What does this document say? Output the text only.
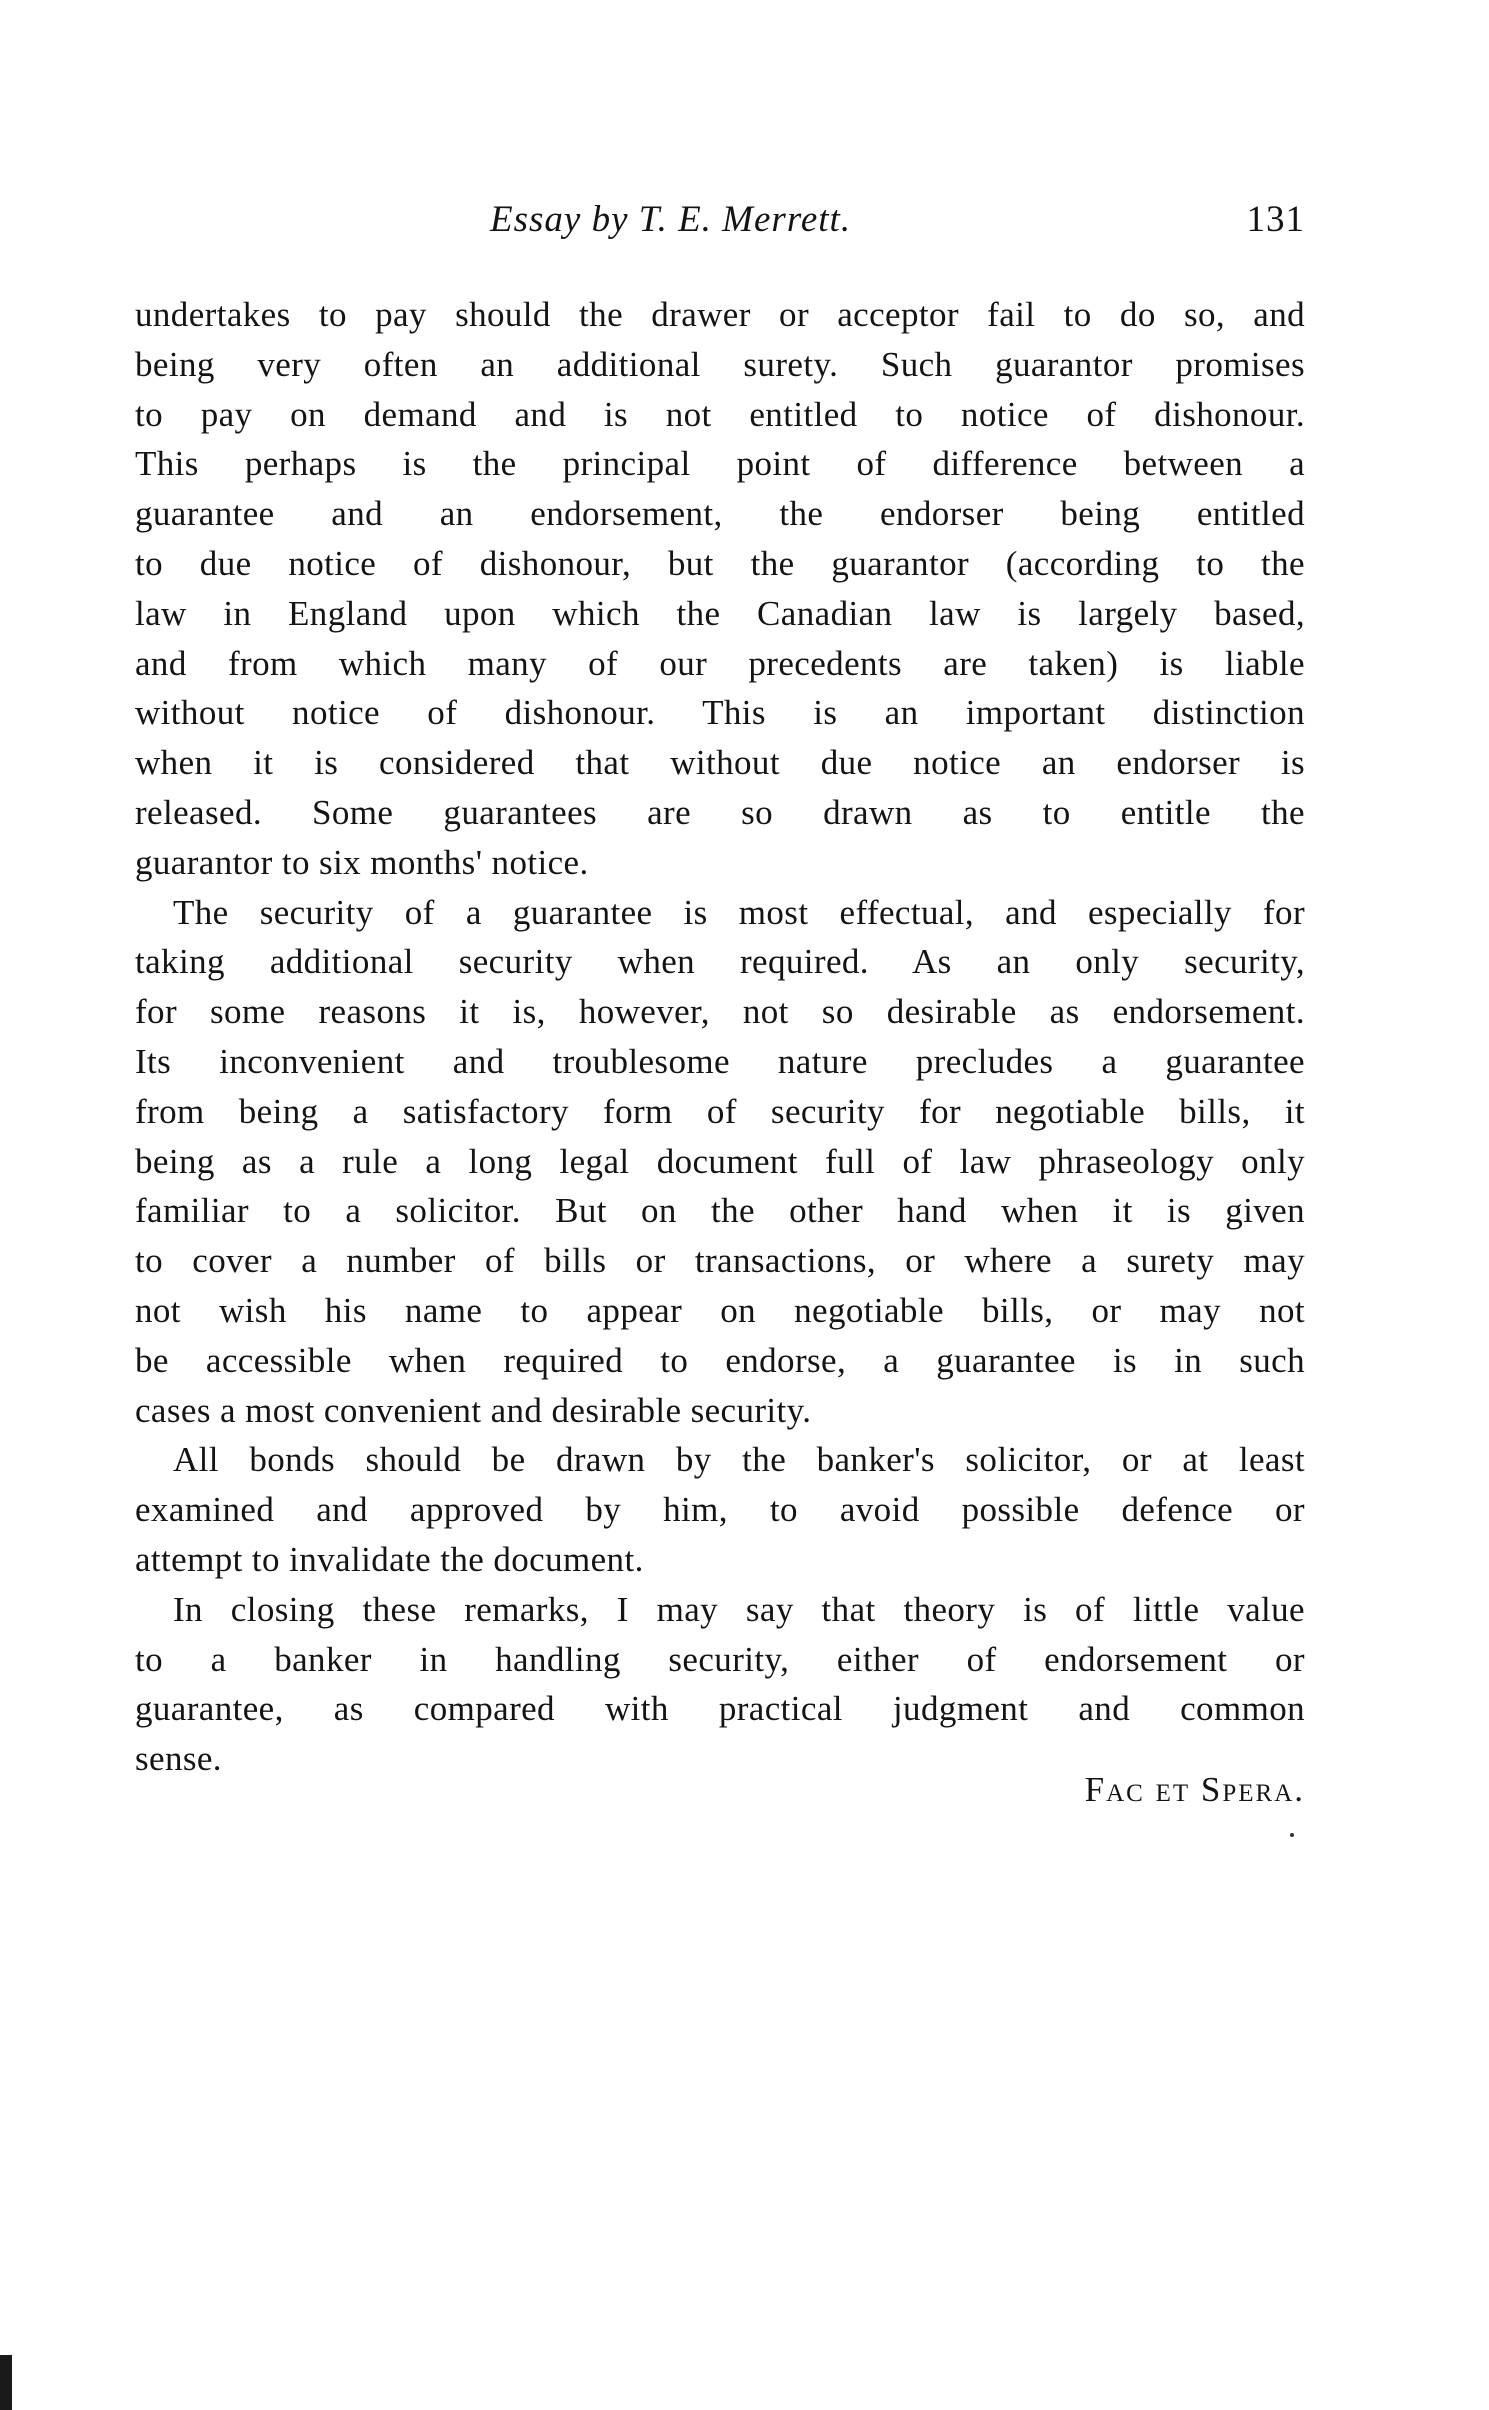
Essay by T. E. Merrett.	131
undertakes to pay should the drawer or acceptor fail to do so, and
being very often an additional surety. Such guarantor promises
to pay on demand and is not entitled to notice of dishonour.
This perhaps is the principal point of difference between a
guarantee and an endorsement, the endorser being entitled
to due notice of dishonour, but the guarantor (according to the
law in England upon which the Canadian law is largely based,
and from which many of our precedents are taken) is liable
without notice of dishonour. This is an important distinction
when it is considered that without due notice an endorser is
released. Some guarantees are so drawn as to entitle the
guarantor to six months' notice.
The security of a guarantee is most effectual, and especially for
taking additional security when required. As an only security,
for some reasons it is, however, not so desirable as endorsement.
Its inconvenient and troublesome nature precludes a guarantee
from being a satisfactory form of security for negotiable bills, it
being as a rule a long legal document full of law phraseology only
familiar to a solicitor. But on the other hand when it is given
to cover a number of bills or transactions, or where a surety may
not wish his name to appear on negotiable bills, or may not
be accessible when required to endorse, a guarantee is in such
cases a most convenient and desirable security.
All bonds should be drawn by the banker's solicitor, or at least
examined and approved by him, to avoid possible defence or
attempt to invalidate the document.
In closing these remarks, I may say that theory is of little value
to a banker in handling security, either of endorsement or
guarantee, as compared with practical judgment and common
sense.
Fac et Spera.
